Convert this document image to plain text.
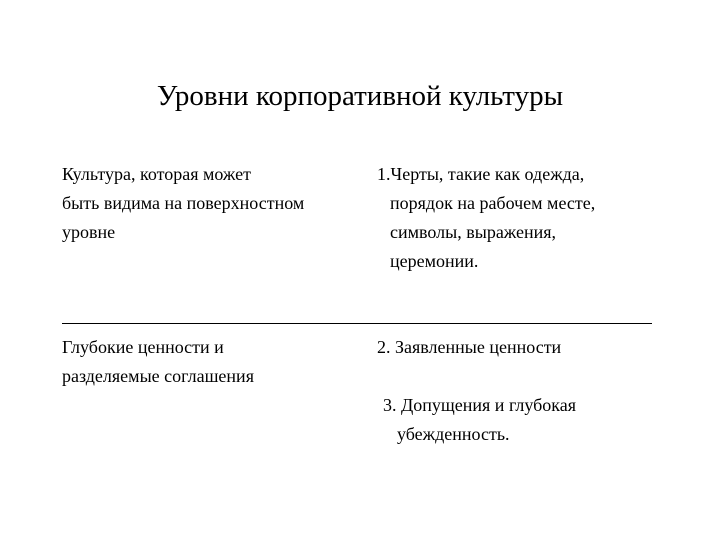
Уровни корпоративной культуры
Культура, которая может
быть видима на поверхностном
уровне
1.Черты, такие как одежда,
порядок на рабочем месте,
символы, выражения,
церемонии.
Глубокие ценности и
разделяемые соглашения
2. Заявленные ценности
3. Допущения и глубокая
убежденность.
